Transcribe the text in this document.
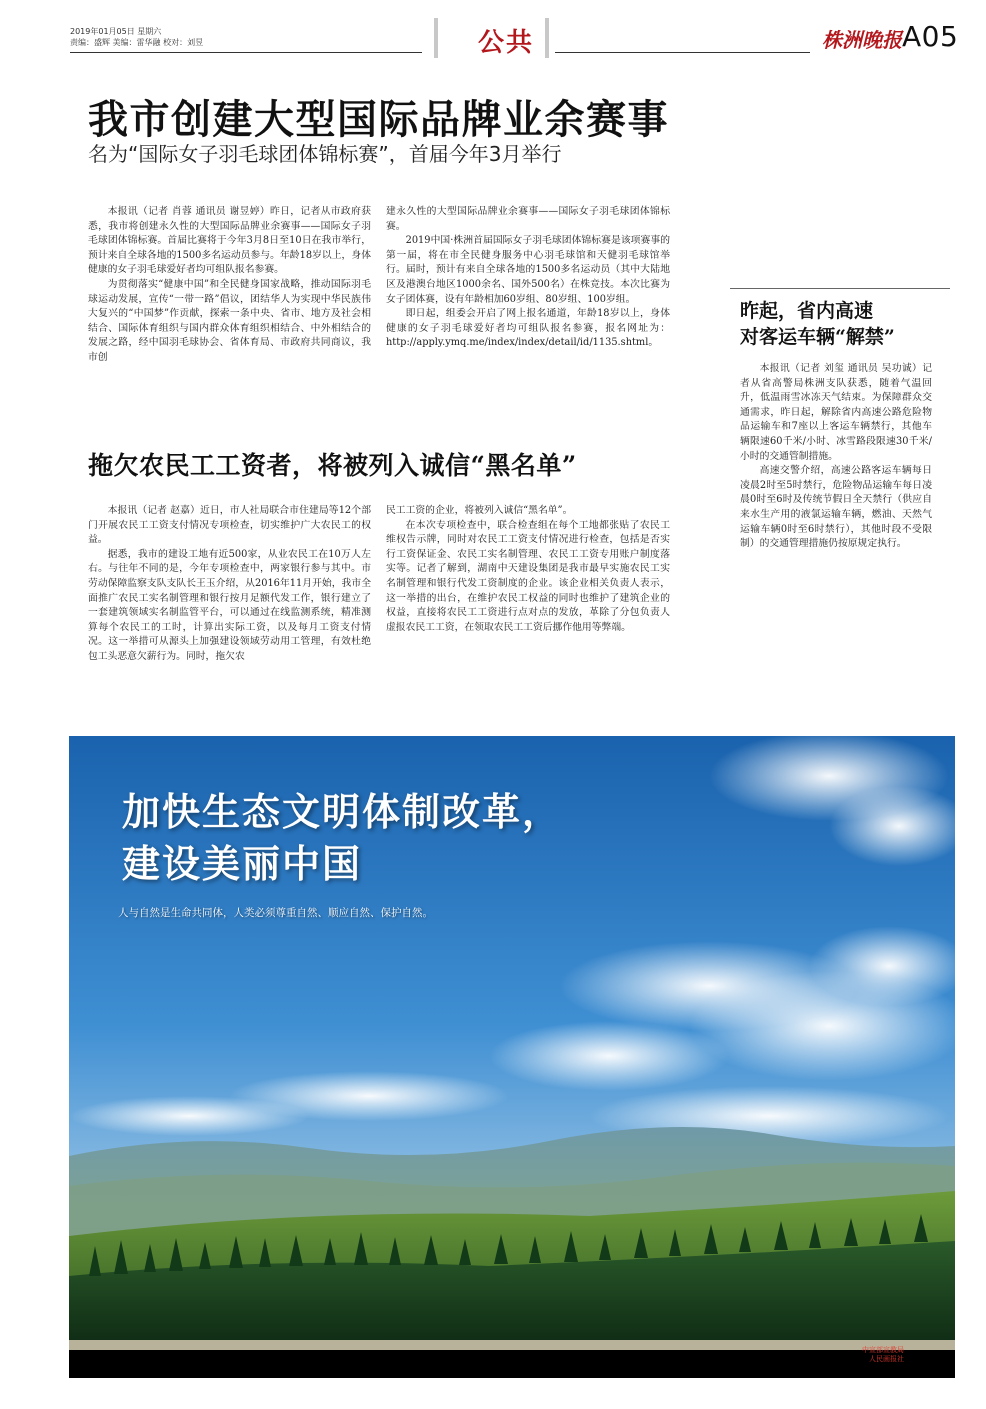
2019年01月05日 星期六
责编：盛辉 美编：雷华融 校对：刘昱	公共	株洲晚报 A05
我市创建大型国际品牌业余赛事
名为“国际女子羽毛球团体锦标赛”，首届今年3月举行

本报讯（记者 肖蓉 通讯员 谢昱婷）昨日，记者从市政府获悉，我市将创建永久性的大型国际品牌业余赛事——国际女子羽毛球团体锦标赛。首届比赛将于今年3月8日至10日在我市举行，预计来自全球各地的1500多名运动员参与。年龄18岁以上，身体健康的女子羽毛球爱好者均可组队报名参赛。

为贯彻落实“健康中国”和全民健身国家战略，推动国际羽毛球运动发展，宣传“一带一路”倡议，团结华人为实现中华民族伟大复兴的“中国梦”作贡献，探索一条中央、省市、地方及社会相结合、国际体育组织与国内群众体育组织相结合、中外相结合的发展之路，经中国羽毛球协会、省体育局、市政府共同商议，我市创

建永久性的大型国际品牌业余赛事——国际女子羽毛球团体锦标赛。

2019中国·株洲首届国际女子羽毛球团体锦标赛是该项赛事的第一届，将在市全民健身服务中心羽毛球馆和天健羽毛球馆举行。届时，预计有来自全球各地的1500多名运动员（其中大陆地区及港澳台地区1000余名、国外500名）在株竞技。本次比赛为女子团体赛，设有年龄相加60岁组、80岁组、100岁组。

即日起，组委会开启了网上报名通道，年龄18岁以上，身体健康的女子羽毛球爱好者均可组队报名参赛，报名网址为：http://apply.ymq.me/index/index/detail/id/1135.shtml。

拖欠农民工工资者，将被列入诚信“黑名单”

本报讯（记者 赵嘉）近日，市人社局联合市住建局等12个部门开展农民工工资支付情况专项检查，切实维护广大农民工的权益。

据悉，我市的建设工地有近500家，从业农民工在10万人左右。与往年不同的是，今年专项检查中，两家银行参与其中。市劳动保障监察支队支队长王玉介绍，从2016年11月开始，我市全面推广农民工实名制管理和银行按月足额代发工作，银行建立了一套建筑领域实名制监管平台，可以通过在线监测系统，精准测算每个农民工的工时，计算出实际工资，以及每月工资支付情况。这一举措可从源头上加强建设领域劳动用工管理，有效杜绝包工头恶意欠薪行为。同时，拖欠农

民工工资的企业，将被列入诚信“黑名单”。

在本次专项检查中，联合检查组在每个工地都张贴了农民工维权告示牌，同时对农民工工资支付情况进行检查，包括是否实行工资保证金、农民工实名制管理、农民工工资专用账户制度落实等。记者了解到，湖南中天建设集团是我市最早实施农民工实名制管理和银行代发工资制度的企业。该企业相关负责人表示，这一举措的出台，在维护农民工权益的同时也维护了建筑企业的权益，直接将农民工工资进行点对点的发放，革除了分包负责人虚报农民工工资，在领取农民工工资后挪作他用等弊端。

昨起，省内高速
对客运车辆“解禁”

本报讯（记者 刘玺 通讯员 吴功诚）记者从省高警局株洲支队获悉，随着气温回升，低温雨雪冰冻天气结束。为保障群众交通需求，昨日起，解除省内高速公路危险物品运输车和7座以上客运车辆禁行，其他车辆限速60千米/小时、冰雪路段限速30千米/小时的交通管制措施。

高速交警介绍，高速公路客运车辆每日凌晨2时至5时禁行，危险物品运输车每日凌晨0时至6时及传统节假日全天禁行（供应自来水生产用的液氯运输车辆，燃油、天然气运输车辆0时至6时禁行），其他时段不受限制）的交通管理措施仍按原规定执行。

加快生态文明体制改革，
建设美丽中国
人与自然是生命共同体，人类必须尊重自然、顺应自然、保护自然。
中宣部宣教局
人民画报社
